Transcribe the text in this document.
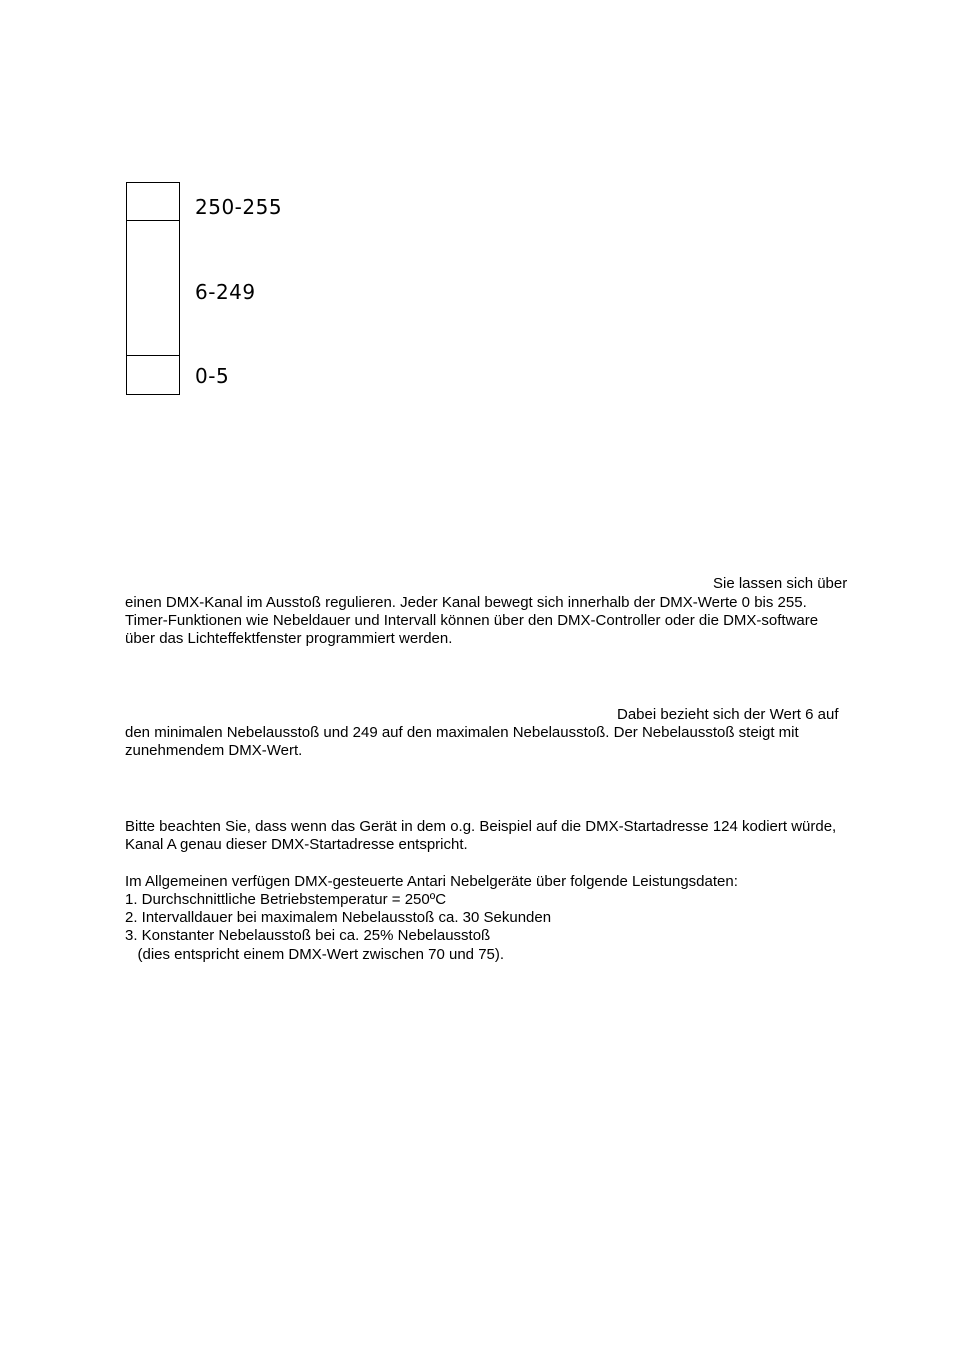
250-255
6-249
0-5
Sie lassen sich über
einen DMX-Kanal im Ausstoß regulieren. Jeder Kanal bewegt sich innerhalb der DMX-Werte 0 bis 255.
Timer-Funktionen wie Nebeldauer und Intervall können über den DMX-Controller oder die DMX-software
über das Lichteffektfenster programmiert werden.
Dabei bezieht sich der Wert 6 auf
den minimalen Nebelausstoß und 249 auf den maximalen Nebelausstoß. Der Nebelausstoß steigt mit
zunehmendem DMX-Wert.
Bitte beachten Sie, dass wenn das Gerät in dem o.g. Beispiel auf die DMX-Startadresse 124 kodiert würde,
Kanal A genau dieser DMX-Startadresse entspricht.
Im Allgemeinen verfügen DMX-gesteuerte Antari Nebelgeräte über folgende Leistungsdaten:
1. Durchschnittliche Betriebstemperatur = 250ºC
2. Intervalldauer bei maximalem Nebelausstoß ca. 30 Sekunden
3. Konstanter Nebelausstoß bei ca. 25% Nebelausstoß
(dies entspricht einem DMX-Wert zwischen 70 und 75).
